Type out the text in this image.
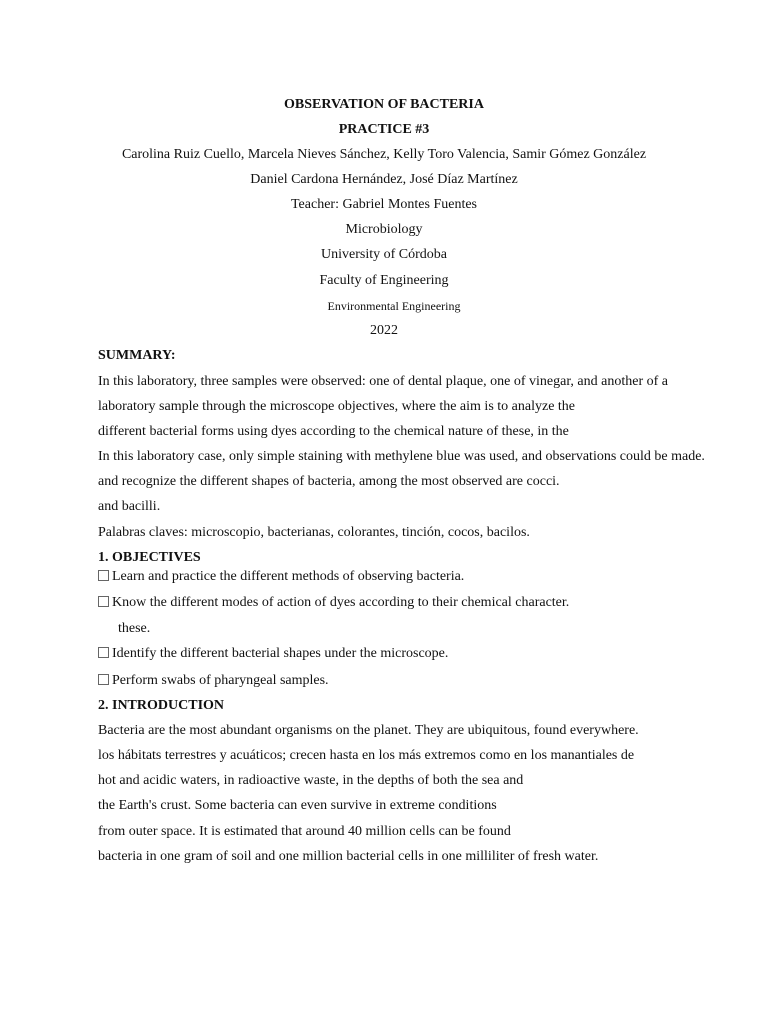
OBSERVATION OF BACTERIA
PRACTICE #3
Carolina Ruiz Cuello, Marcela Nieves Sánchez, Kelly Toro Valencia, Samir Gómez González
Daniel Cardona Hernández, José Díaz Martínez
Teacher: Gabriel Montes Fuentes
Microbiology
University of Córdoba
Faculty of Engineering
Environmental Engineering
2022
SUMMARY:
In this laboratory, three samples were observed: one of dental plaque, one of vinegar, and another of a
laboratory sample through the microscope objectives, where the aim is to analyze the
different bacterial forms using dyes according to the chemical nature of these, in the
In this laboratory case, only simple staining with methylene blue was used, and observations could be made.
and recognize the different shapes of bacteria, among the most observed are cocci.
and bacilli.
Palabras claves: microscopio, bacterianas, colorantes, tinción, cocos, bacilos.
1. OBJECTIVES
Learn and practice the different methods of observing bacteria.
Know the different modes of action of dyes according to their chemical character.
these.
Identify the different bacterial shapes under the microscope.
Perform swabs of pharyngeal samples.
2. INTRODUCTION
Bacteria are the most abundant organisms on the planet. They are ubiquitous, found everywhere.
los hábitats terrestres y acuáticos; crecen hasta en los más extremos como en los manantiales de
hot and acidic waters, in radioactive waste, in the depths of both the sea and
the Earth's crust. Some bacteria can even survive in extreme conditions
from outer space. It is estimated that around 40 million cells can be found
bacteria in one gram of soil and one million bacterial cells in one milliliter of fresh water.
